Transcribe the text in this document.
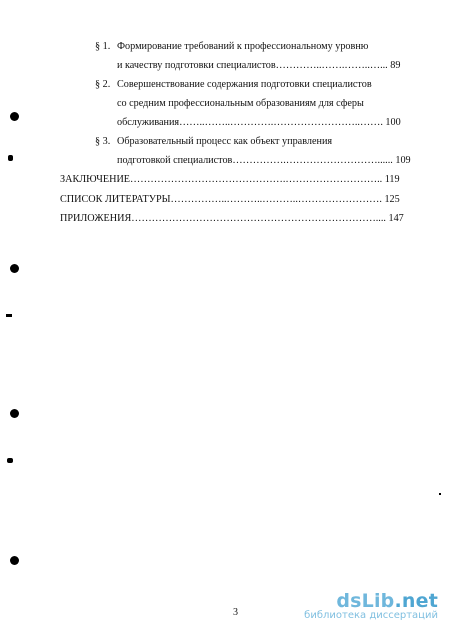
§ 1. Формирование требований к профессиональному уровню
и качеству подготовки специалистов…………..…….……..…... 89
§ 2. Совершенствование содержания подготовки специалистов
со средним профессиональным образованиям для сферы
обслуживания……..……..………….……………………..……. 100
§ 3. Образовательный процесс как объект управления
подготовкой специалистов…………….………………………...... 109
ЗАКЛЮЧЕНИЕ……………………………………….……………………….. 119
СПИСОК ЛИТЕРАТУРЫ……………..………..………..……………………. 125
ПРИЛОЖЕНИЯ……………………………………………………………….... 147
3
dsLib.net
библиотека диссертаций
